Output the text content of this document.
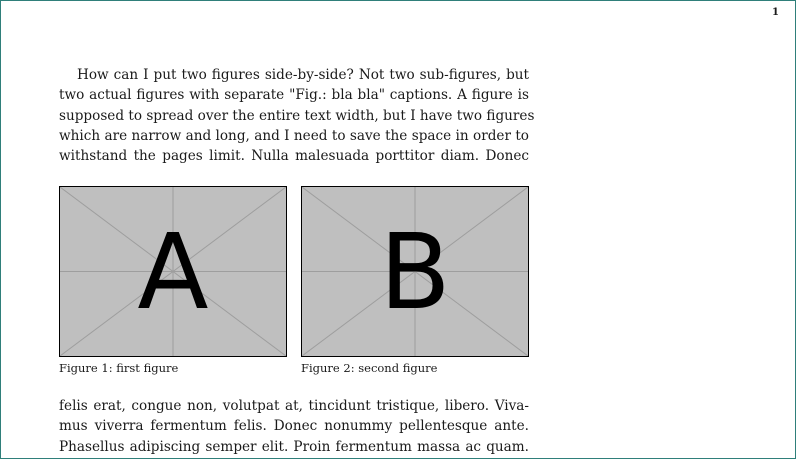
1
How can I put two figures side-by-side? Not two sub-figures, but
two actual figures with separate "Fig.: bla bla" captions. A figure is
supposed to spread over the entire text width, but I have two figures
which are narrow and long, and I need to save the space in order to
withstand the pages limit. Nulla malesuada porttitor diam. Donec
A
Figure 1: first figure
B
Figure 2: second figure
felis erat, congue non, volutpat at, tincidunt tristique, libero. Viva-
mus viverra fermentum felis. Donec nonummy pellentesque ante.
Phasellus adipiscing semper elit. Proin fermentum massa ac quam.
